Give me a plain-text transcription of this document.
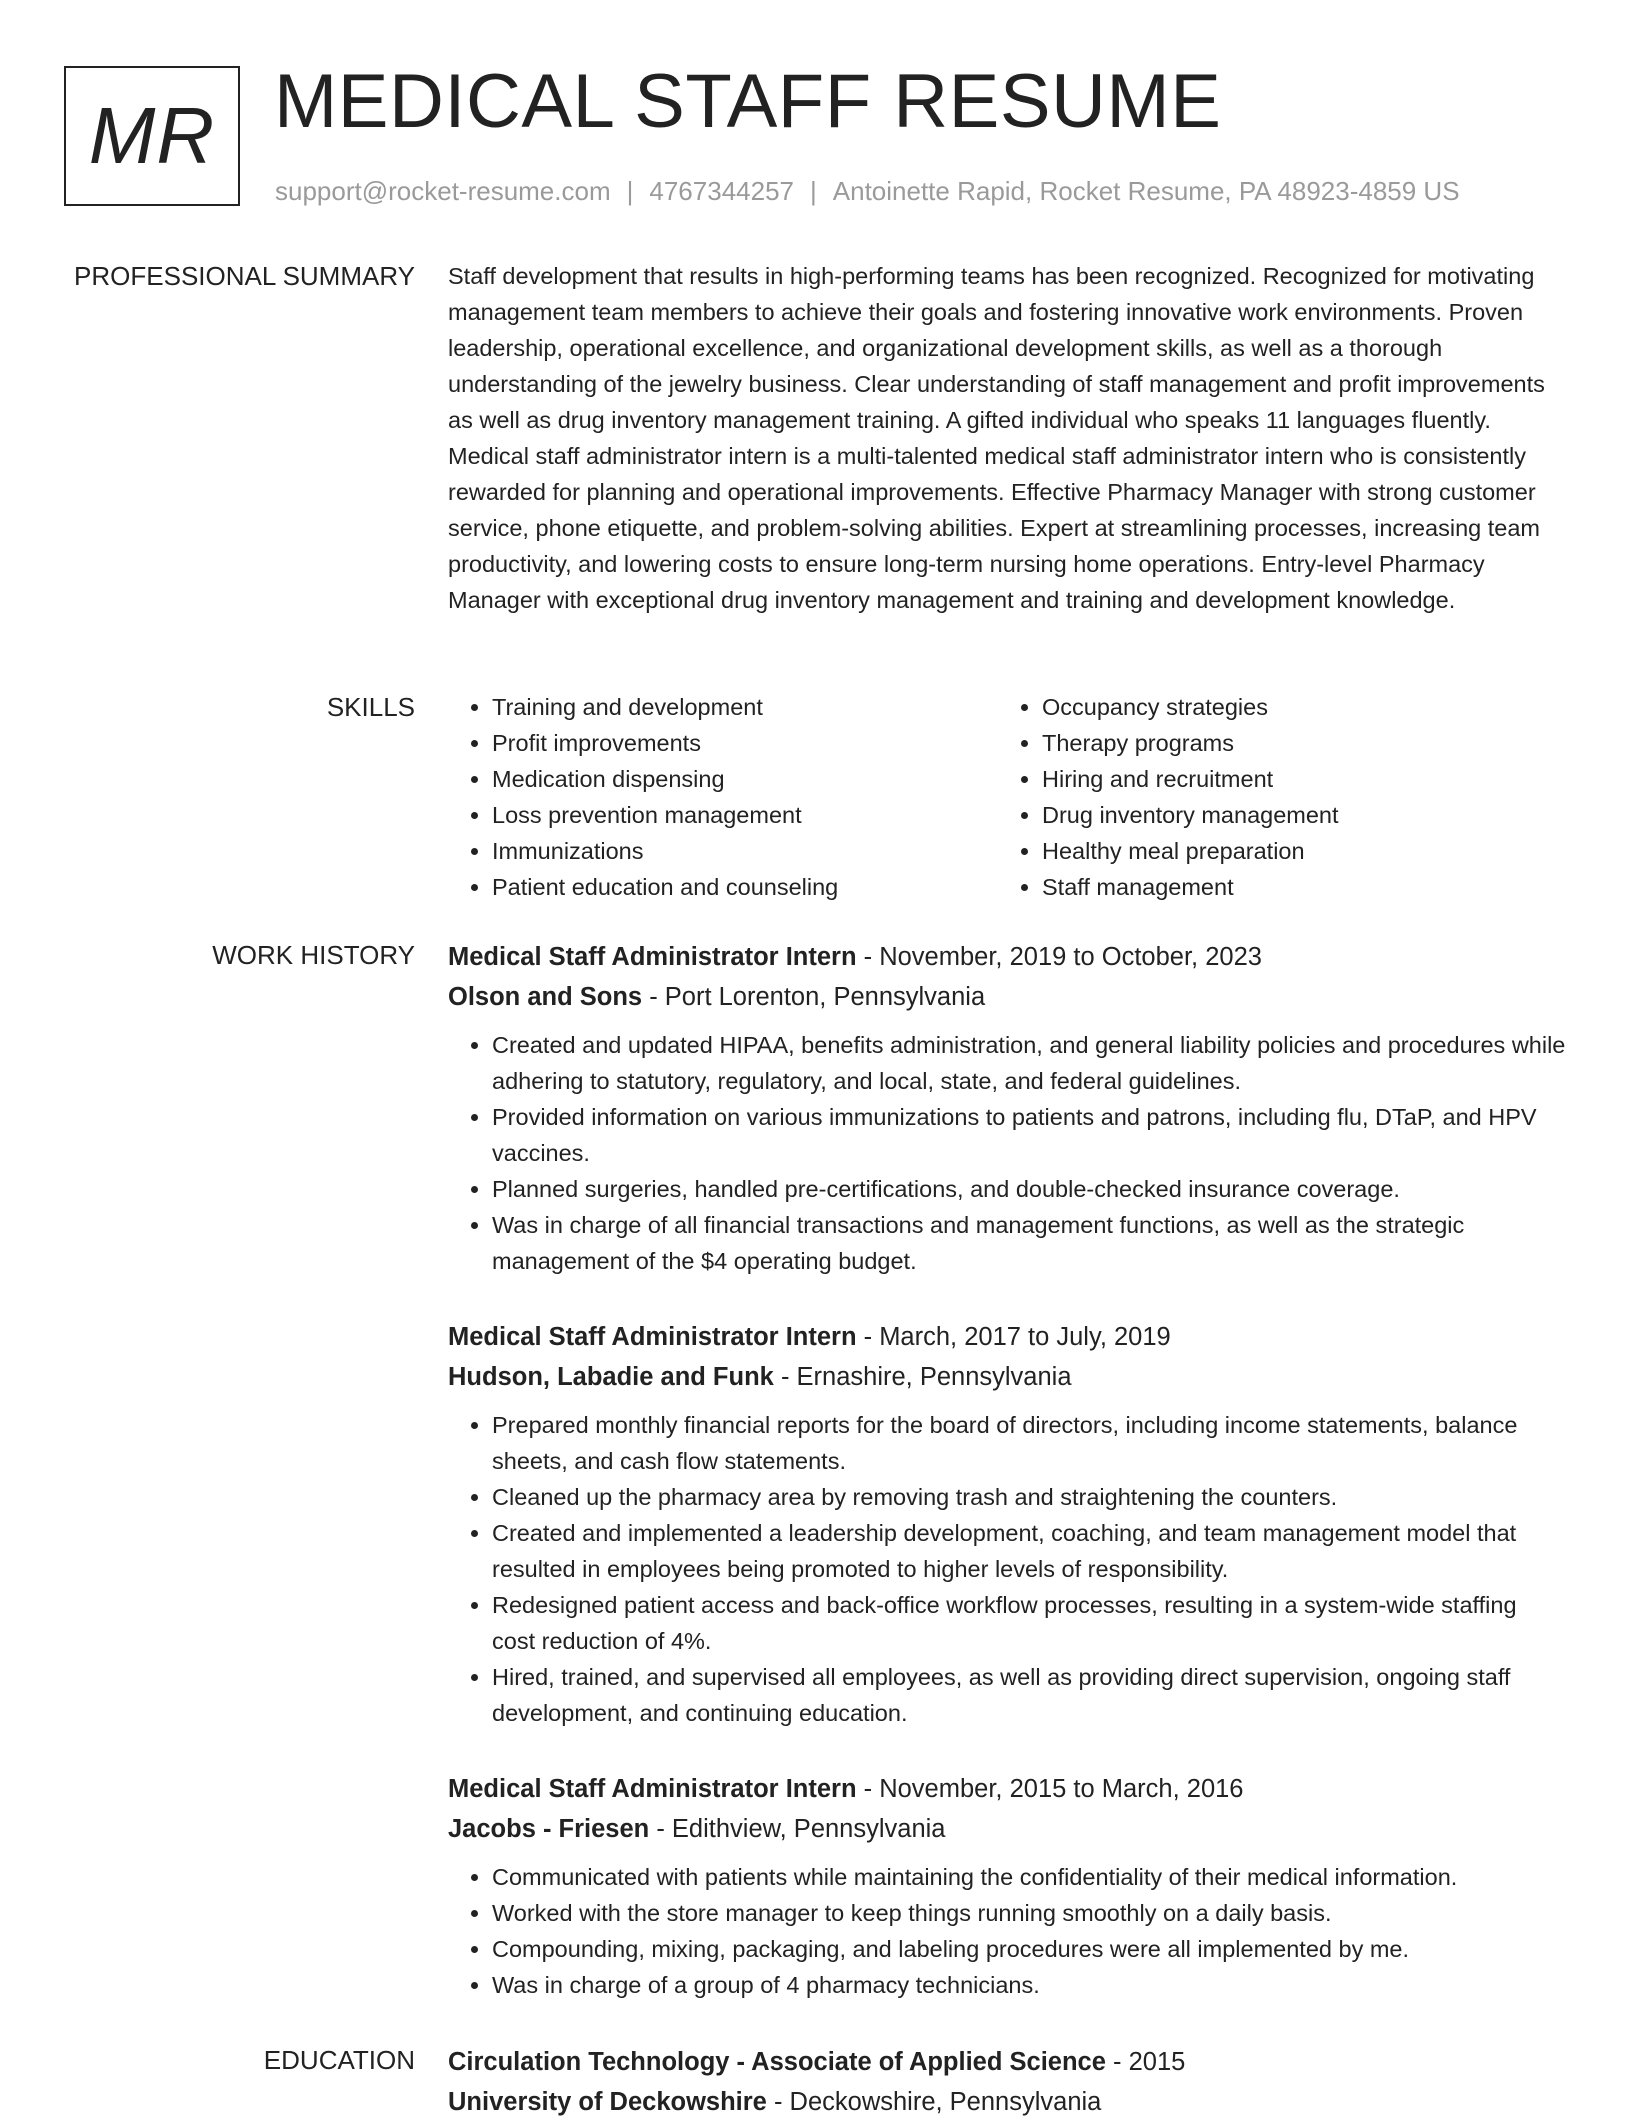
MR MEDICAL STAFF RESUME
support@rocket-resume.com | 4767344257 | Antoinette Rapid, Rocket Resume, PA 48923-4859 US
PROFESSIONAL SUMMARY Staff development that results in high-performing teams has been recognized. Recognized for motivating management team members to achieve their goals and fostering innovative work environments. Proven leadership, operational excellence, and organizational development skills, as well as a thorough understanding of the jewelry business. Clear understanding of staff management and profit improvements as well as drug inventory management training. A gifted individual who speaks 11 languages fluently. Medical staff administrator intern is a multi-talented medical staff administrator intern who is consistently rewarded for planning and operational improvements. Effective Pharmacy Manager with strong customer service, phone etiquette, and problem-solving abilities. Expert at streamlining processes, increasing team productivity, and lowering costs to ensure long-term nursing home operations. Entry-level Pharmacy Manager with exceptional drug inventory management and training and development knowledge.

SKILLS
•	Training and development
• Profit improvements
• Medication dispensing
• Loss prevention management
• Immunizations
• Patient education and counseling
• Occupancy strategies
• Therapy programs
• Hiring and recruitment
• Drug inventory management
• Healthy meal preparation
• Staff management
WORK HISTORY Medical Staff Administrator Intern - November, 2019 to October, 2023
Olson and Sons - Port Lorenton, Pennsylvania
• Created and updated HIPAA, benefits administration, and general liability policies and procedures while adhering to statutory, regulatory, and local, state, and federal guidelines.
• Provided information on various immunizations to patients and patrons, including flu, DTaP, and HPV vaccines.
• Planned surgeries, handled pre-certifications, and double-checked insurance coverage.
• Was in charge of all financial transactions and management functions, as well as the strategic management of the $4 operating budget.
Medical Staff Administrator Intern - March, 2017 to July, 2019
Hudson, Labadie and Funk - Ernashire, Pennsylvania
• Prepared monthly financial reports for the board of directors, including income statements, balance sheets, and cash flow statements.
• Cleaned up the pharmacy area by removing trash and straightening the counters.
• Created and implemented a leadership development, coaching, and team management model that resulted in employees being promoted to higher levels of responsibility.
• Redesigned patient access and back-office workflow processes, resulting in a system-wide staffing cost reduction of 4%.
• Hired, trained, and supervised all employees, as well as providing direct supervision, ongoing staff development, and continuing education.
Medical Staff Administrator Intern - November, 2015 to March, 2016
Jacobs - Friesen - Edithview, Pennsylvania
• Communicated with patients while maintaining the confidentiality of their medical information.
• Worked with the store manager to keep things running smoothly on a daily basis.
• Compounding, mixing, packaging, and labeling procedures were all implemented by me.
• Was in charge of a group of 4 pharmacy technicians.
EDUCATION Circulation Technology - Associate of Applied Science - 2015
University of Deckowshire - Deckowshire, Pennsylvania
